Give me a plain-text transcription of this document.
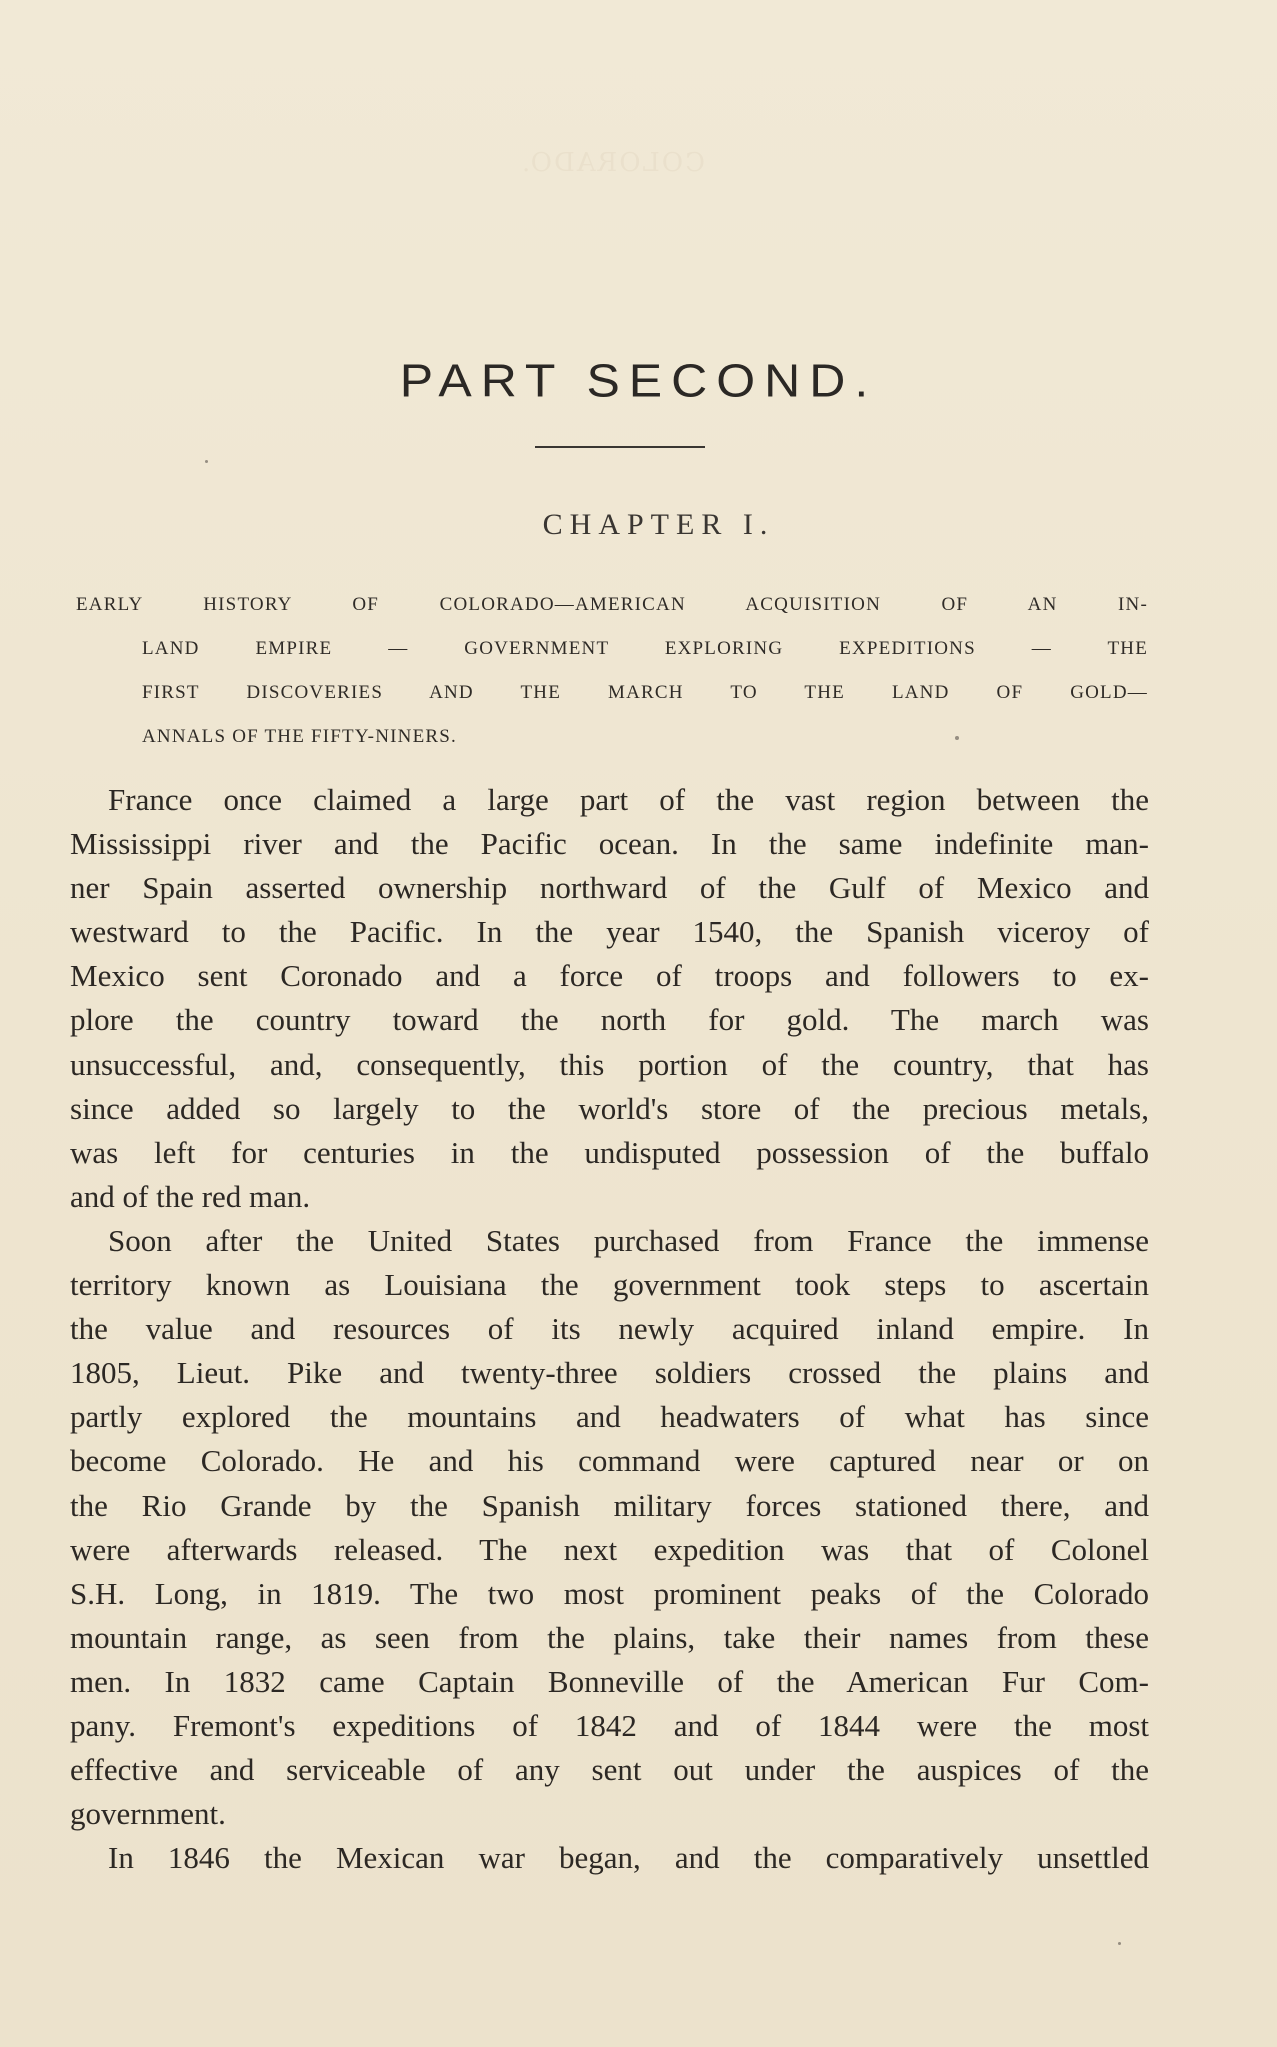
COLORADO.
PART SECOND.
CHAPTER I.
EARLY HISTORY OF COLORADO—AMERICAN ACQUISITION OF AN IN-
LAND EMPIRE — GOVERNMENT EXPLORING EXPEDITIONS — THE
FIRST DISCOVERIES AND THE MARCH TO THE LAND OF GOLD—
ANNALS OF THE FIFTY-NINERS.
France once claimed a large part of the vast region between the
Mississippi river and the Pacific ocean. In the same indefinite man-
ner Spain asserted ownership northward of the Gulf of Mexico and
westward to the Pacific. In the year 1540, the Spanish viceroy of
Mexico sent Coronado and a force of troops and followers to ex-
plore the country toward the north for gold. The march was
unsuccessful, and, consequently, this portion of the country, that has
since added so largely to the world's store of the precious metals,
was left for centuries in the undisputed possession of the buffalo
and of the red man.
Soon after the United States purchased from France the immense
territory known as Louisiana the government took steps to ascertain
the value and resources of its newly acquired inland empire. In
1805, Lieut. Pike and twenty-three soldiers crossed the plains and
partly explored the mountains and headwaters of what has since
become Colorado. He and his command were captured near or on
the Rio Grande by the Spanish military forces stationed there, and
were afterwards released. The next expedition was that of Colonel
S.H. Long, in 1819. The two most prominent peaks of the Colorado
mountain range, as seen from the plains, take their names from these
men. In 1832 came Captain Bonneville of the American Fur Com-
pany. Fremont's expeditions of 1842 and of 1844 were the most
effective and serviceable of any sent out under the auspices of the
government.
In 1846 the Mexican war began, and the comparatively unsettled
